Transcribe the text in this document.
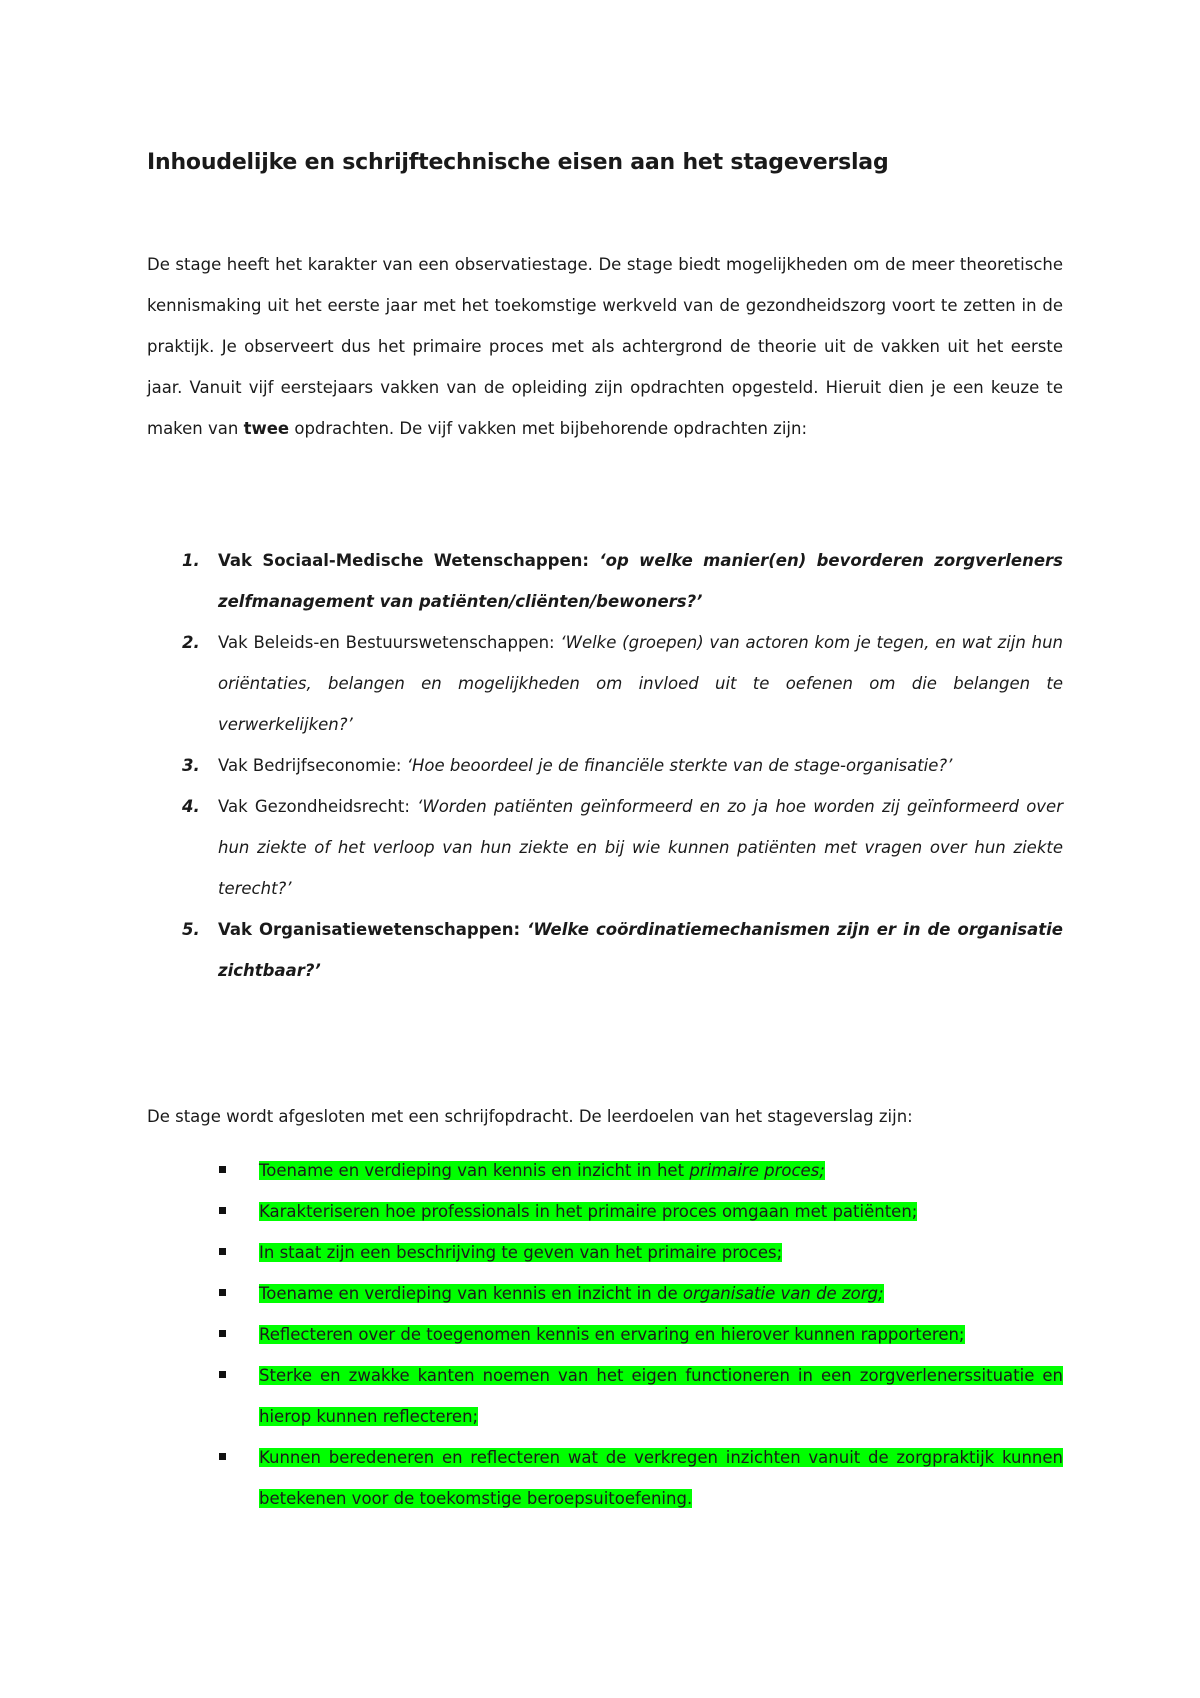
Inhoudelijke en schrijftechnische eisen aan het stageverslag

De stage heeft het karakter van een observatiestage. De stage biedt mogelijkheden om de meer theoretische kennismaking uit het eerste jaar met het toekomstige werkveld van de gezondheidszorg voort te zetten in de praktijk. Je observeert dus het primaire proces met als achtergrond de theorie uit de vakken uit het eerste jaar. Vanuit vijf eerstejaars vakken van de opleiding zijn opdrachten opgesteld. Hieruit dien je een keuze te maken van twee opdrachten. De vijf vakken met bijbehorende opdrachten zijn:

1. Vak Sociaal-Medische Wetenschappen: ‘op welke manier(en) bevorderen zorgverleners zelfmanagement van patiënten/cliënten/bewoners?’
2. Vak Beleids-en Bestuurswetenschappen: ‘Welke (groepen) van actoren kom je tegen, en wat zijn hun oriëntaties, belangen en mogelijkheden om invloed uit te oefenen om die belangen te verwerkelijken?’
3. Vak Bedrijfseconomie: ‘Hoe beoordeel je de financiële sterkte van de stage-organisatie?’
4. Vak Gezondheidsrecht: ‘Worden patiënten geïnformeerd en zo ja hoe worden zij geïnformeerd over hun ziekte of het verloop van hun ziekte en bij wie kunnen patiënten met vragen over hun ziekte terecht?’
5. Vak Organisatiewetenschappen: ‘Welke coördinatiemechanismen zijn er in de organisatie zichtbaar?’

De stage wordt afgesloten met een schrijfopdracht. De leerdoelen van het stageverslag zijn:

Toename en verdieping van kennis en inzicht in het primaire proces;
Karakteriseren hoe professionals in het primaire proces omgaan met patiënten;
In staat zijn een beschrijving te geven van het primaire proces;
Toename en verdieping van kennis en inzicht in de organisatie van de zorg;
Reflecteren over de toegenomen kennis en ervaring en hierover kunnen rapporteren;
Sterke en zwakke kanten noemen van het eigen functioneren in een zorgverlenerssituatie en hierop kunnen reflecteren;
Kunnen beredeneren en reflecteren wat de verkregen inzichten vanuit de zorgpraktijk kunnen betekenen voor de toekomstige beroepsuitoefening.
